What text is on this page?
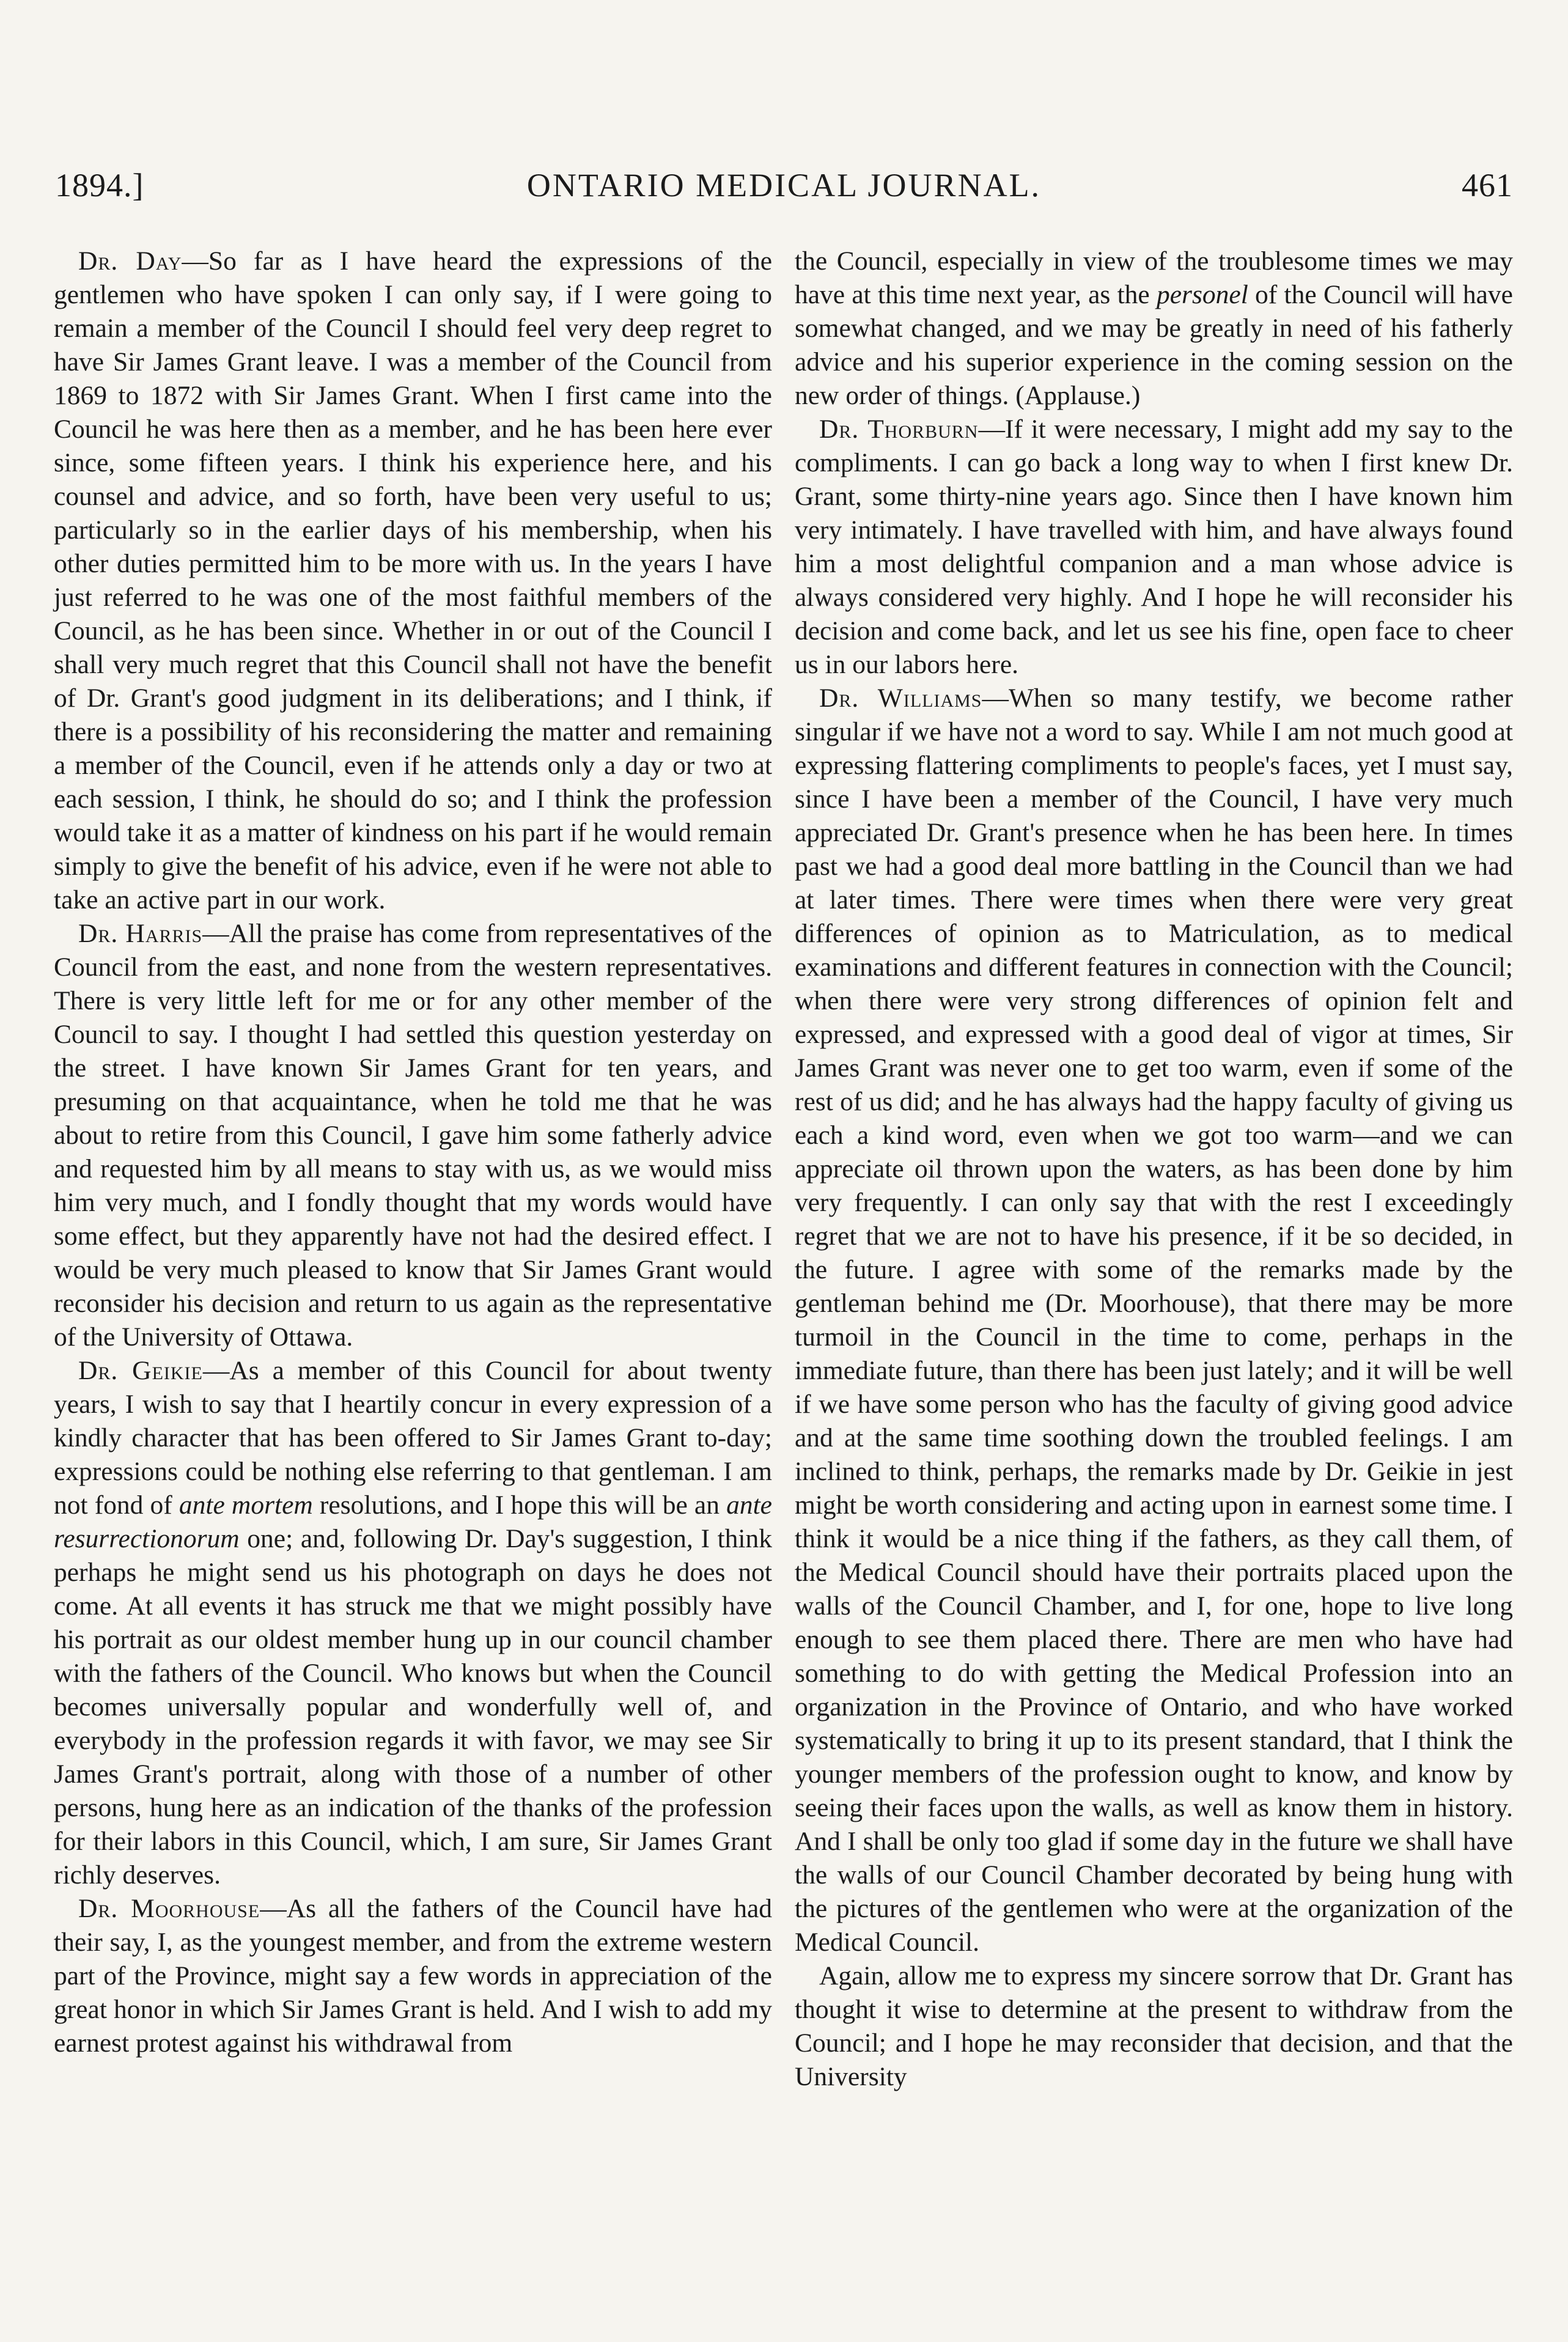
1894.]	ONTARIO MEDICAL JOURNAL.	461

Dr. Day—So far as I have heard the expressions of the gentlemen who have spoken I can only say, if I were going to remain a member of the Council I should feel very deep regret to have Sir James Grant leave. I was a member of the Council from 1869 to 1872 with Sir James Grant. When I first came into the Council he was here then as a member, and he has been here ever since, some fifteen years. I think his experience here, and his counsel and advice, and so forth, have been very useful to us; particularly so in the earlier days of his membership, when his other duties permitted him to be more with us. In the years I have just referred to he was one of the most faithful members of the Council, as he has been since. Whether in or out of the Council I shall very much regret that this Council shall not have the benefit of Dr. Grant's good judgment in its deliberations; and I think, if there is a possibility of his reconsidering the matter and remaining a member of the Council, even if he attends only a day or two at each session, I think, he should do so; and I think the profession would take it as a matter of kindness on his part if he would remain simply to give the benefit of his advice, even if he were not able to take an active part in our work.

Dr. Harris—All the praise has come from representatives of the Council from the east, and none from the western representatives. There is very little left for me or for any other member of the Council to say. I thought I had settled this question yesterday on the street. I have known Sir James Grant for ten years, and presuming on that acquaintance, when he told me that he was about to retire from this Council, I gave him some fatherly advice and requested him by all means to stay with us, as we would miss him very much, and I fondly thought that my words would have some effect, but they apparently have not had the desired effect. I would be very much pleased to know that Sir James Grant would reconsider his decision and return to us again as the representative of the University of Ottawa.

Dr. Geikie—As a member of this Council for about twenty years, I wish to say that I heartily concur in every expression of a kindly character that has been offered to Sir James Grant to-day; expressions could be nothing else referring to that gentleman. I am not fond of ante mortem resolutions, and I hope this will be an ante resurrectionorum one; and, following Dr. Day's suggestion, I think perhaps he might send us his photograph on days he does not come. At all events it has struck me that we might possibly have his portrait as our oldest member hung up in our council chamber with the fathers of the Council. Who knows but when the Council becomes universally popular and wonderfully well of, and everybody in the profession regards it with favor, we may see Sir James Grant's portrait, along with those of a number of other persons, hung here as an indication of the thanks of the profession for their labors in this Council, which, I am sure, Sir James Grant richly deserves.

Dr. Moorhouse—As all the fathers of the Council have had their say, I, as the youngest member, and from the extreme western part of the Province, might say a few words in appreciation of the great honor in which Sir James Grant is held. And I wish to add my earnest protest against his withdrawal from

the Council, especially in view of the troublesome times we may have at this time next year, as the personel of the Council will have somewhat changed, and we may be greatly in need of his fatherly advice and his superior experience in the coming session on the new order of things. (Applause.)

Dr. Thorburn—If it were necessary, I might add my say to the compliments. I can go back a long way to when I first knew Dr. Grant, some thirty-nine years ago. Since then I have known him very intimately. I have travelled with him, and have always found him a most delightful companion and a man whose advice is always considered very highly. And I hope he will reconsider his decision and come back, and let us see his fine, open face to cheer us in our labors here.

Dr. Williams—When so many testify, we become rather singular if we have not a word to say. While I am not much good at expressing flattering compliments to people's faces, yet I must say, since I have been a member of the Council, I have very much appreciated Dr. Grant's presence when he has been here. In times past we had a good deal more battling in the Council than we had at later times. There were times when there were very great differences of opinion as to Matriculation, as to medical examinations and different features in connection with the Council; when there were very strong differences of opinion felt and expressed, and expressed with a good deal of vigor at times, Sir James Grant was never one to get too warm, even if some of the rest of us did; and he has always had the happy faculty of giving us each a kind word, even when we got too warm—and we can appreciate oil thrown upon the waters, as has been done by him very frequently. I can only say that with the rest I exceedingly regret that we are not to have his presence, if it be so decided, in the future. I agree with some of the remarks made by the gentleman behind me (Dr. Moorhouse), that there may be more turmoil in the Council in the time to come, perhaps in the immediate future, than there has been just lately; and it will be well if we have some person who has the faculty of giving good advice and at the same time soothing down the troubled feelings. I am inclined to think, perhaps, the remarks made by Dr. Geikie in jest might be worth considering and acting upon in earnest some time. I think it would be a nice thing if the fathers, as they call them, of the Medical Council should have their portraits placed upon the walls of the Council Chamber, and I, for one, hope to live long enough to see them placed there. There are men who have had something to do with getting the Medical Profession into an organization in the Province of Ontario, and who have worked systematically to bring it up to its present standard, that I think the younger members of the profession ought to know, and know by seeing their faces upon the walls, as well as know them in history. And I shall be only too glad if some day in the future we shall have the walls of our Council Chamber decorated by being hung with the pictures of the gentlemen who were at the organization of the Medical Council.

Again, allow me to express my sincere sorrow that Dr. Grant has thought it wise to determine at the present to withdraw from the Council; and I hope he may reconsider that decision, and that the University
